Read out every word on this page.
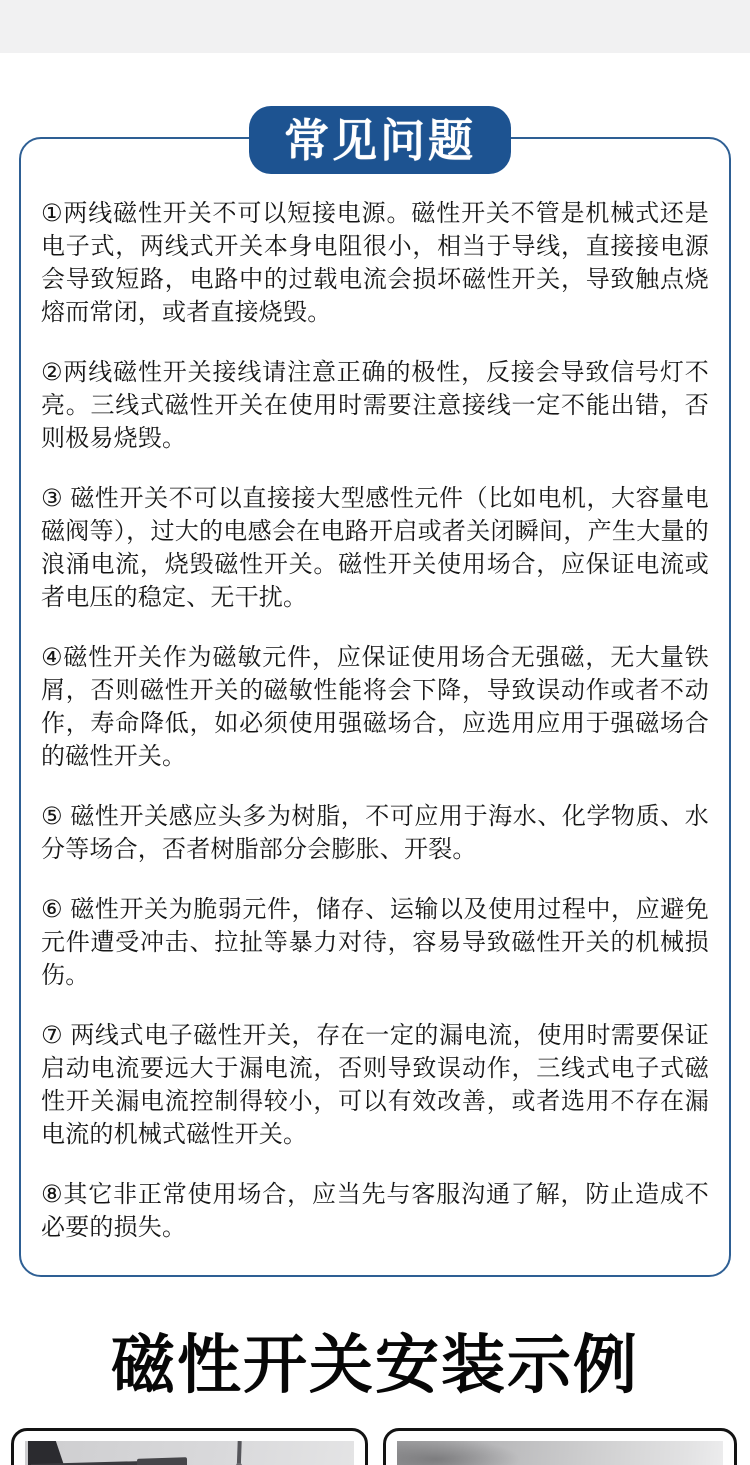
常见问题

①两线磁性开关不可以短接电源。磁性开关不管是机械式还是电子式，两线式开关本身电阻很小，相当于导线，直接接电源会导致短路，电路中的过载电流会损坏磁性开关，导致触点烧熔而常闭，或者直接烧毁。

②两线磁性开关接线请注意正确的极性，反接会导致信号灯不亮。三线式磁性开关在使用时需要注意接线一定不能出错，否则极易烧毁。

③ 磁性开关不可以直接接大型感性元件（比如电机，大容量电磁阀等），过大的电感会在电路开启或者关闭瞬间，产生大量的浪涌电流，烧毁磁性开关。磁性开关使用场合，应保证电流或者电压的稳定、无干扰。

④磁性开关作为磁敏元件，应保证使用场合无强磁，无大量铁屑，否则磁性开关的磁敏性能将会下降，导致误动作或者不动作，寿命降低，如必须使用强磁场合，应选用应用于强磁场合的磁性开关。

⑤ 磁性开关感应头多为树脂，不可应用于海水、化学物质、水分等场合，否者树脂部分会膨胀、开裂。

⑥ 磁性开关为脆弱元件，储存、运输以及使用过程中，应避免元件遭受冲击、拉扯等暴力对待，容易导致磁性开关的机械损伤。

⑦ 两线式电子磁性开关，存在一定的漏电流，使用时需要保证启动电流要远大于漏电流，否则导致误动作，三线式电子式磁性开关漏电流控制得较小，可以有效改善，或者选用不存在漏电流的机械式磁性开关。

⑧其它非正常使用场合，应当先与客服沟通了解，防止造成不必要的损失。

磁性开关安装示例
